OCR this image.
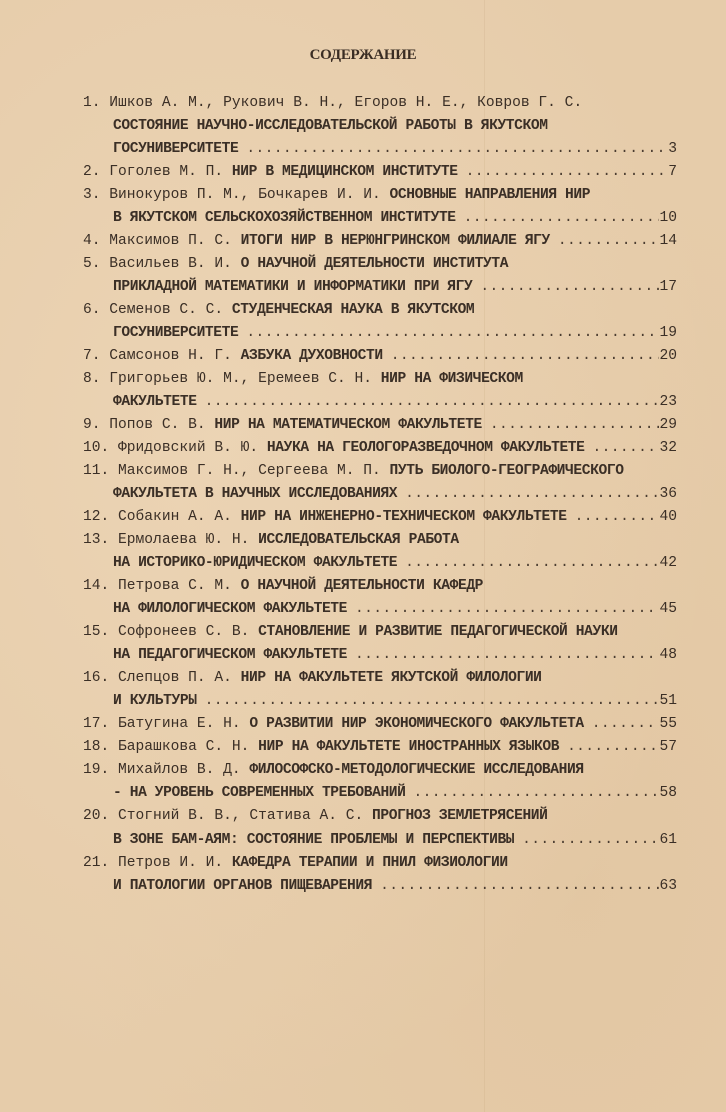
СОДЕРЖАНИЕ
1. Ишков А. М., Рукович В. Н., Егоров Н. Е., Ковров Г. С.
СОСТОЯНИЕ НАУЧНО-ИССЛЕДОВАТЕЛЬСКОЙ РАБОТЫ В ЯКУТСКОМ
ГОСУНИВЕРСИТЕТЕ . . .	3
2. Гоголев М. П. НИР В МЕДИЦИНСКОМ ИНСТИТУТЕ . . .	7
3. Винокуров П. М., Бочкарев И. И. ОСНОВНЫЕ НАПРАВЛЕНИЯ НИР
В ЯКУТСКОМ СЕЛЬСКОХОЗЯЙСТВЕННОМ ИНСТИТУТЕ . . .	10
4. Максимов П. С. ИТОГИ НИР В НЕРЮНГРИНСКОМ ФИЛИАЛЕ ЯГУ . . .	14
5. Васильев В. И. О НАУЧНОЙ ДЕЯТЕЛЬНОСТИ ИНСТИТУТА
ПРИКЛАДНОЙ МАТЕМАТИКИ И ИНФОРМАТИКИ ПРИ ЯГУ . . .	17
6. Семенов С. С. СТУДЕНЧЕСКАЯ НАУКА В ЯКУТСКОМ
ГОСУНИВЕРСИТЕТЕ . . .	19
7. Самсонов Н. Г. АЗБУКА ДУХОВНОСТИ . . .	20
8. Григорьев Ю. М., Еремеев С. Н. НИР НА ФИЗИЧЕСКОМ
ФАКУЛЬТЕТЕ . . .	23
9. Попов С. В. НИР НА МАТЕМАТИЧЕСКОМ ФАКУЛЬТЕТЕ . . .	29
10. Фридовский В. Ю. НАУКА НА ГЕОЛОГОРАЗВЕДОЧНОМ ФАКУЛЬТЕТЕ . . .	32
11. Максимов Г. Н., Сергеева М. П. ПУТЬ БИОЛОГО-ГЕОГРАФИЧЕСКОГО
ФАКУЛЬТЕТА В НАУЧНЫХ ИССЛЕДОВАНИЯХ . . .	36
12. Собакин А. А. НИР НА ИНЖЕНЕРНО-ТЕХНИЧЕСКОМ ФАКУЛЬТЕТЕ . . .	40
13. Ермолаева Ю. Н. ИССЛЕДОВАТЕЛЬСКАЯ РАБОТА
НА ИСТОРИКО-ЮРИДИЧЕСКОМ ФАКУЛЬТЕТЕ . . .	42
14. Петрова С. М. О НАУЧНОЙ ДЕЯТЕЛЬНОСТИ КАФЕДР
НА ФИЛОЛОГИЧЕСКОМ ФАКУЛЬТЕТЕ . . .	45
15. Софронеев С. В. СТАНОВЛЕНИЕ И РАЗВИТИЕ ПЕДАГОГИЧЕСКОЙ НАУКИ
НА ПЕДАГОГИЧЕСКОМ ФАКУЛЬТЕТЕ . . .	48
16. Слепцов П. А. НИР НА ФАКУЛЬТЕТЕ ЯКУТСКОЙ ФИЛОЛОГИИ
И КУЛЬТУРЫ . . .	51
17. Батугина Е. Н. О РАЗВИТИИ НИР ЭКОНОМИЧЕСКОГО ФАКУЛЬТЕТА . . .	55
18. Барашкова С. Н. НИР НА ФАКУЛЬТЕТЕ ИНОСТРАННЫХ ЯЗЫКОВ . . .	57
19. Михайлов В. Д. ФИЛОСОФСКО-МЕТОДОЛОГИЧЕСКИЕ ИССЛЕДОВАНИЯ
- НА УРОВЕНЬ СОВРЕМЕННЫХ ТРЕБОВАНИЙ . . .	58
20. Стогний В. В., Статива А. С. ПРОГНОЗ ЗЕМЛЕТРЯСЕНИЙ
В ЗОНЕ БАМ-АЯМ: СОСТОЯНИЕ ПРОБЛЕМЫ И ПЕРСПЕКТИВЫ . . .	61
21. Петров И. И. КАФЕДРА ТЕРАПИИ И ПНИЛ ФИЗИОЛОГИИ
И ПАТОЛОГИИ ОРГАНОВ ПИЩЕВАРЕНИЯ . . .	63
